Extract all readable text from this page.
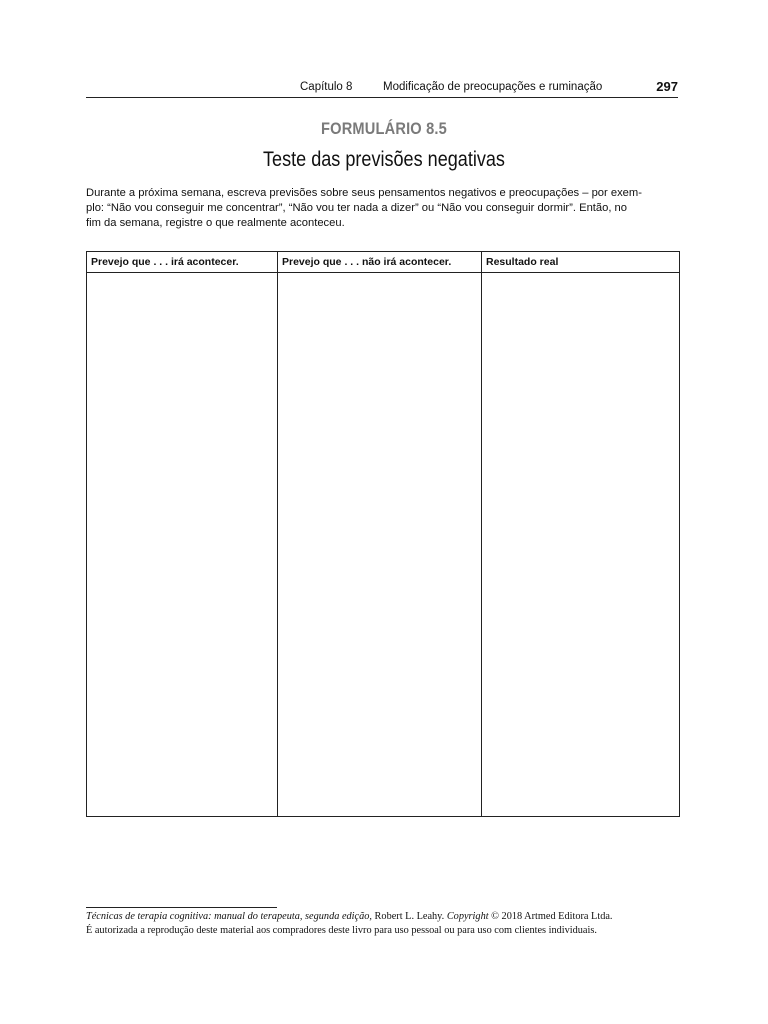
Capítulo 8	Modificação de preocupações e ruminação	297
FORMULÁRIO 8.5
Teste das previsões negativas

Durante a próxima semana, escreva previsões sobre seus pensamentos negativos e preocupações – por exem-
plo: “Não vou conseguir me concentrar”, “Não vou ter nada a dizer” ou “Não vou conseguir dormir”. Então, no
fim da semana, registre o que realmente aconteceu.

Prevejo que . . . irá acontecer.	Prevejo que . . . não irá acontecer.	Resultado real

Técnicas de terapia cognitiva: manual do terapeuta, segunda edição, Robert L. Leahy. Copyright © 2018 Artmed Editora Ltda.
É autorizada a reprodução deste material aos compradores deste livro para uso pessoal ou para uso com clientes individuais.
